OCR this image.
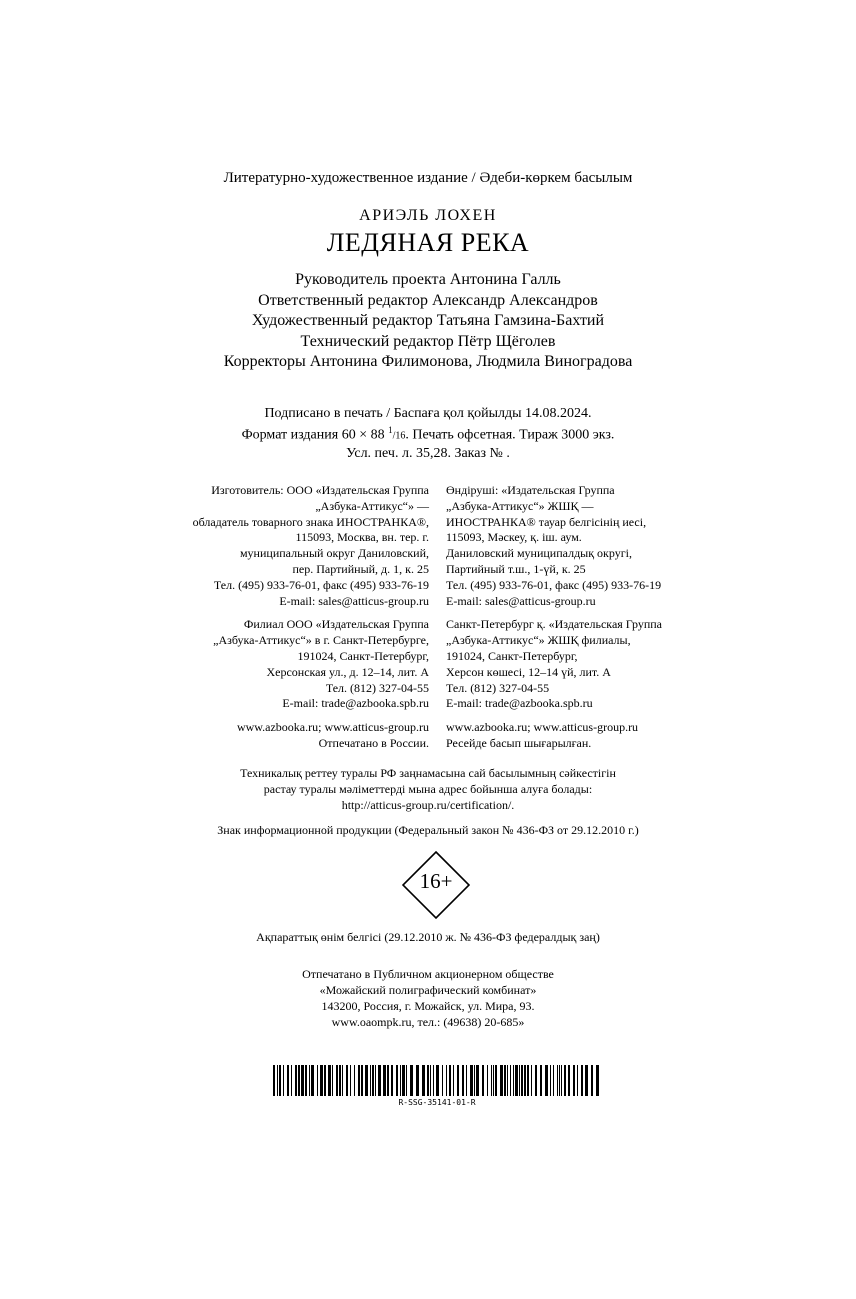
Литературно-художественное издание / Әдеби-көркем басылым
АРИЭЛЬ ЛОХЕН
ЛЕДЯНАЯ РЕКА
Руководитель проекта Антонина Галль
Ответственный редактор Александр Александров
Художественный редактор Татьяна Гамзина-Бахтий
Технический редактор Пётр Щёголев
Корректоры Антонина Филимонова, Людмила Виноградова
Подписано в печать / Баспаға қол қойылды 14.08.2024.
Формат издания 60 × 88 $^1$/16. Печать офсетная. Тираж 3000 экз.
Усл. печ. л. 35,28. Заказ № .
Изготовитель: ООО «Издательская Группа
„Азбука-Аттикус“» —
обладатель товарного знака ИНОСТРАНКА®,
115093, Москва, вн. тер. г.
муниципальный округ Даниловский,
пер. Партийный, д. 1, к. 25
Тел. (495) 933-76-01, факс (495) 933-76-19
E-mail: sales@atticus-group.ru
Филиал ООО «Издательская Группа
„Азбука-Аттикус“» в г. Санкт-Петербурге,
191024, Санкт-Петербург,
Херсонская ул., д. 12–14, лит. А
Тел. (812) 327-04-55
E-mail: trade@azbooka.spb.ru
www.azbooka.ru; www.atticus-group.ru
Отпечатано в России.
Өндіруші: «Издательская Группа
„Азбука-Аттикус“» ЖШҚ —
ИНОСТРАНКА® тауар белгісінің иесі,
115093, Мәскеу, қ. іш. аум.
Даниловский муниципалдық округі,
Партийный т.ш., 1-үй, к. 25
Тел. (495) 933-76-01, факс (495) 933-76-19
E-mail: sales@atticus-group.ru
Санкт-Петербург қ. «Издательская Группа
„Азбука-Аттикус“» ЖШҚ филиалы,
191024, Санкт-Петербург,
Херсон көшесі, 12–14 үй, лит. А
Тел. (812) 327-04-55
E-mail: trade@azbooka.spb.ru
www.azbooka.ru; www.atticus-group.ru
Ресейде басып шығарылған.
Техникалық реттеу туралы РФ заңнамасына сай басылымның сәйкестігін
растау туралы мәліметтерді мына адрес бойынша алуға болады:
http://atticus-group.ru/certification/.
Знак информационной продукции (Федеральный закон № 436-ФЗ от 29.12.2010 г.)
16+
Ақпараттық өнім белгісі (29.12.2010 ж. № 436-ФЗ федералдық заң)
Отпечатано в Публичном акционерном обществе
«Можайский полиграфический комбинат»
143200, Россия, г. Можайск, ул. Мира, 93.
www.oaompk.ru, тел.: (49638) 20-685»
R-SSG-35141-01-R
